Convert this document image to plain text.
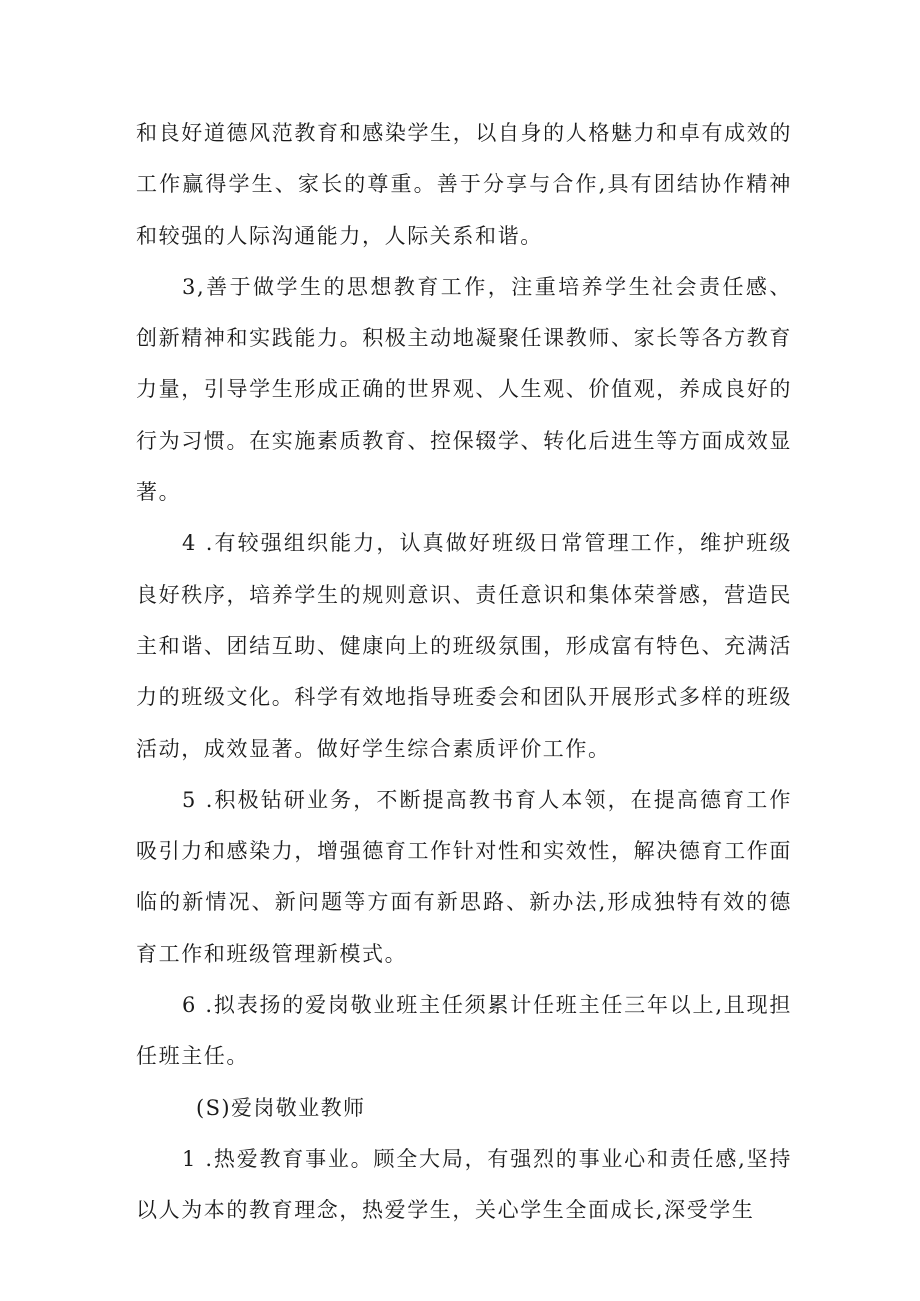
和良好道德风范教育和感染学生，以自身的人格魅力和卓有成效的工作赢得学生、家长的尊重。善于分享与合作,具有团结协作精神和较强的人际沟通能力，人际关系和谐。

3,善于做学生的思想教育工作，注重培养学生社会责任感、创新精神和实践能力。积极主动地凝聚任课教师、家长等各方教育力量，引导学生形成正确的世界观、人生观、价值观，养成良好的行为习惯。在实施素质教育、控保辍学、转化后进生等方面成效显著。

4 .有较强组织能力，认真做好班级日常管理工作，维护班级良好秩序，培养学生的规则意识、责任意识和集体荣誉感，营造民主和谐、团结互助、健康向上的班级氛围，形成富有特色、充满活力的班级文化。科学有效地指导班委会和团队开展形式多样的班级活动，成效显著。做好学生综合素质评价工作。

5 .积极钻研业务，不断提高教书育人本领，在提高德育工作吸引力和感染力，增强德育工作针对性和实效性，解决德育工作面临的新情况、新问题等方面有新思路、新办法,形成独特有效的德育工作和班级管理新模式。

6 .拟表扬的爱岗敬业班主任须累计任班主任三年以上,且现担任班主任。

(S)爱岗敬业教师

1 .热爱教育事业。顾全大局，有强烈的事业心和责任感,坚持以人为本的教育理念，热爱学生，关心学生全面成长,深受学生
